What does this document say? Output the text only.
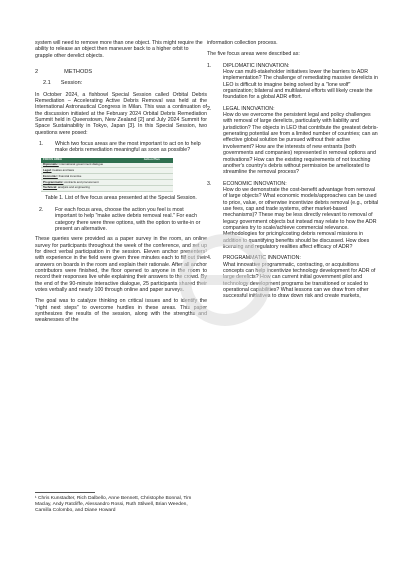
system will need to remove more than one object. This might require the ability to release an object then maneuver back to a higher orbit to grapple other derelict objects.

2	METHODS
2.1 Session:

In October 2024, a fishbowl Special Session called Orbital Debris Remediation – Accelerating Active Debris Removal was held at the International Astronautical Congress in Milan. This was a continuation of the discussion initiated at the February 2024 Orbital Debris Remediation Summit held in Queenstown, New Zealand [2] and July 2024 Summit for Space Sustainability in Tokyo, Japan [3]. In this Special Session, two questions were posed:

1.	Which two focus areas are the most important to act on to help make debris remediation meaningful as soon as possible?
FOCUS AREA	Action Plan
Diplomatic: international government dialogue	
Legal: treaties and laws	
Economic: financial incentive	
Programmatic: contracts and procurement	
Technical: analysis and engineering	

Table 1. List of five focus areas presented at the Special Session.

2.	For each focus area, choose the action you feel is most important to help "make active debris removal real." For each category there were three options, with the option to write-in or present an alternative.

These queries were provided as a paper survey in the room, an online survey for participants throughout the week of the conference, and set up for direct verbal participation in the session. Eleven anchor presenters¹ with experience in the field were given three minutes each to fill out their answers on boards in the room and explain their rationale. After all anchor contributors were finished, the floor opened to anyone in the room to record their responses live while explaining their answers to the crowd. By the end of the 90-minute interactive dialogue, 25 participants shared their votes verbally and nearly 100 through online and paper surveys.

The goal was to catalyze thinking on critical issues and to identify the "right next steps" to overcome hurdles in these areas. This paper synthesizes the results of the session, along with the strengths and weaknesses of the

information collection process.

The five focus areas were described as:

1.	DIPLOMATIC INNOVATION:
How can multi-stakeholder initiatives lower the barriers to ADR implementation? The challenge of remediating massive derelicts in LEO is difficult to imagine being solved by a "lone wolf" organization; bilateral and multilateral efforts will likely create the foundation for a global ADR effort.
2.	LEGAL INNOVATION:
How do we overcome the persistent legal and policy challenges with removal of large derelicts, particularly with liability and jurisdiction? The objects in LEO that contribute the greatest debris-generating potential are from a limited number of countries; can an effective global solution be pursued without their active involvement? How are the interests of new entrants (both governments and companies) represented in removal options and motivations? How can the existing requirements of not touching another's country's debris without permission be ameliorated to streamline the removal process?
3.	ECONOMIC INNOVATION:
How do we demonstrate the cost-benefit advantage from removal of large objects? What economic models/approaches can be used to price, value, or otherwise incentivize debris removal (e.g., orbital use fees, cap and trade systems, other market-based mechanisms)? These may be less directly relevant to removal of legacy government objects but instead may relate to how the ADR companies try to scale/achieve commercial relevance. Methodologies for pricing/costing debris removal missions in addition to quantifying benefits should be discussed. How does licensing and regulatory realities affect efficacy of ADR?
4.	PROGRAMMATIC INNOVATION:
What innovative programmatic, contracting, or acquisitions concepts can help incentivize technology development for ADR of large derelicts? How can current initial government pilot and technology development programs be transitioned or scaled to operational capabilities? What lessons can we draw from other successful initiatives to draw down risk and create markets,
¹ Chris Kunstadter, Rich Dalbello, Anne Bennett, Christophe Bonnal, Tim Maclay, Andy Ratcliffe, Alessandro Rossi, Ruth Stilwell, Brian Weeden, Camilla Colombo, and Diane Howard
